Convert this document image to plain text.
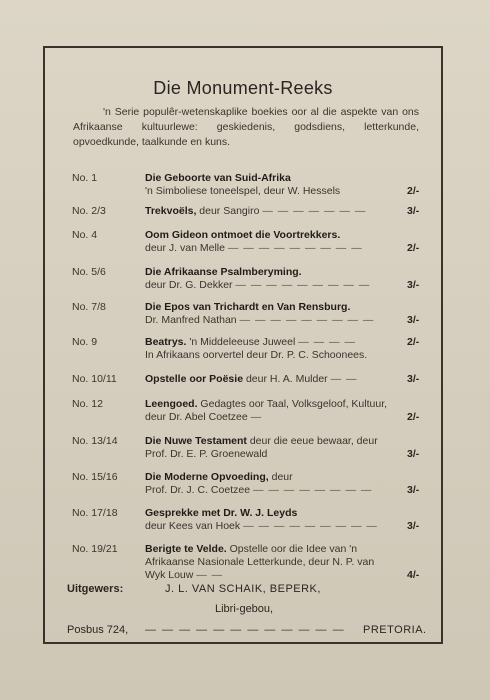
Die Monument-Reeks
'n Serie populêr-wetenskaplike boekies oor al die aspekte van ons Afrikaanse kultuurlewe: geskiedenis, godsdiens, letterkunde, opvoedkunde, taalkunde en kuns.
No. 1	Die Geboorte van Suid-Afrika
'n Simboliese toneelspel, deur W. Hessels	2/-
No. 2/3	Trekvoëls, deur Sangiro — — — — — — —	3/-
No. 4	Oom Gideon ontmoet die Voortrekkers.
deur J. van Melle — — — — — — — — —	2/-
No. 5/6	Die Afrikaanse Psalmberyming.
deur Dr. G. Dekker — — — — — — — — —	3/-
No. 7/8	Die Epos van Trichardt en Van Rensburg.
Dr. Manfred Nathan — — — — — — — — —	3/-
No. 9	Beatrys. 'n Middeleeuse Juweel — — — —
In Afrikaans oorvertel deur Dr. P. C. Schoonees.
2/-
No. 10/11	Opstelle oor Poësie deur H. A. Mulder — —	3/-
No. 12	Leengoed. Gedagtes oor Taal, Volksgeloof, Kultuur, deur Dr. Abel Coetzee —	2/-
No. 13/14	Die Nuwe Testament deur die eeue bewaar, deur Prof. Dr. E. P. Groenewald	3/-
No. 15/16	Die Moderne Opvoeding, deur
Prof. Dr. J. C. Coetzee — — — — — — — —	3/-
No. 17/18	Gesprekke met Dr. W. J. Leyds
deur Kees van Hoek — — — — — — — — —	3/-
No. 19/21	Berigte te Velde. Opstelle oor die Idee van 'n Afrikaanse Nasionale Letterkunde, deur N. P. van Wyk Louw — —	4/-
Uitgewers:	J. L. VAN SCHAIK, BEPERK,
Libri-gebou,
Posbus 724, — — — — — — — — — — — — PRETORIA.
